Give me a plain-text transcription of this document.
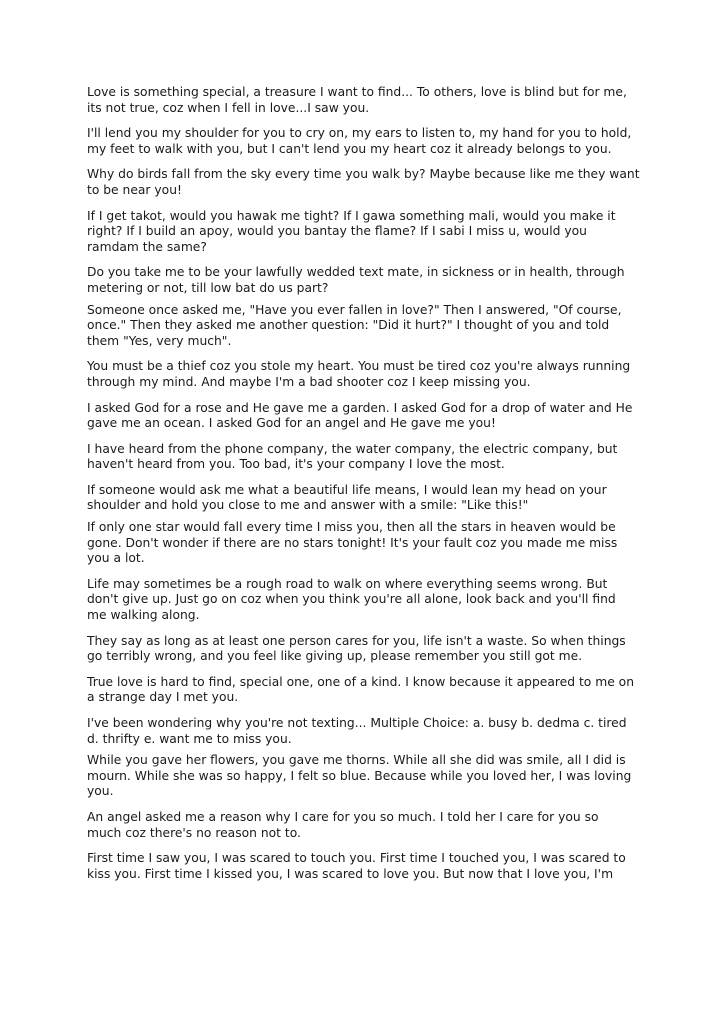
Love is something special, a treasure I want to find... To others, love is blind but for me,
its not true, coz when I fell in love...I saw you.

I'll lend you my shoulder for you to cry on, my ears to listen to, my hand for you to hold,
my feet to walk with you, but I can't lend you my heart coz it already belongs to you.

Why do birds fall from the sky every time you walk by? Maybe because like me they want
to be near you!

If I get takot, would you hawak me tight? If I gawa something mali, would you make it
right? If I build an apoy, would you bantay the flame? If I sabi I miss u, would you
ramdam the same?

Do you take me to be your lawfully wedded text mate, in sickness or in health, through
metering or not, till low bat do us part?

Someone once asked me, "Have you ever fallen in love?" Then I answered, "Of course,
once." Then they asked me another question: "Did it hurt?" I thought of you and told
them "Yes, very much".

You must be a thief coz you stole my heart. You must be tired coz you're always running
through my mind. And maybe I'm a bad shooter coz I keep missing you.

I asked God for a rose and He gave me a garden. I asked God for a drop of water and He
gave me an ocean. I asked God for an angel and He gave me you!

I have heard from the phone company, the water company, the electric company, but
haven't heard from you. Too bad, it's your company I love the most.

If someone would ask me what a beautiful life means, I would lean my head on your
shoulder and hold you close to me and answer with a smile: "Like this!"

If only one star would fall every time I miss you, then all the stars in heaven would be
gone. Don't wonder if there are no stars tonight! It's your fault coz you made me miss
you a lot.

Life may sometimes be a rough road to walk on where everything seems wrong. But
don't give up. Just go on coz when you think you're all alone, look back and you'll find
me walking along.

They say as long as at least one person cares for you, life isn't a waste. So when things
go terribly wrong, and you feel like giving up, please remember you still got me.

True love is hard to find, special one, one of a kind. I know because it appeared to me on
a strange day I met you.

I've been wondering why you're not texting... Multiple Choice: a. busy b. dedma c. tired
d. thrifty e. want me to miss you.

While you gave her flowers, you gave me thorns. While all she did was smile, all I did is
mourn. While she was so happy, I felt so blue. Because while you loved her, I was loving
you.

An angel asked me a reason why I care for you so much. I told her I care for you so
much coz there's no reason not to.

First time I saw you, I was scared to touch you. First time I touched you, I was scared to
kiss you. First time I kissed you, I was scared to love you. But now that I love you, I'm
